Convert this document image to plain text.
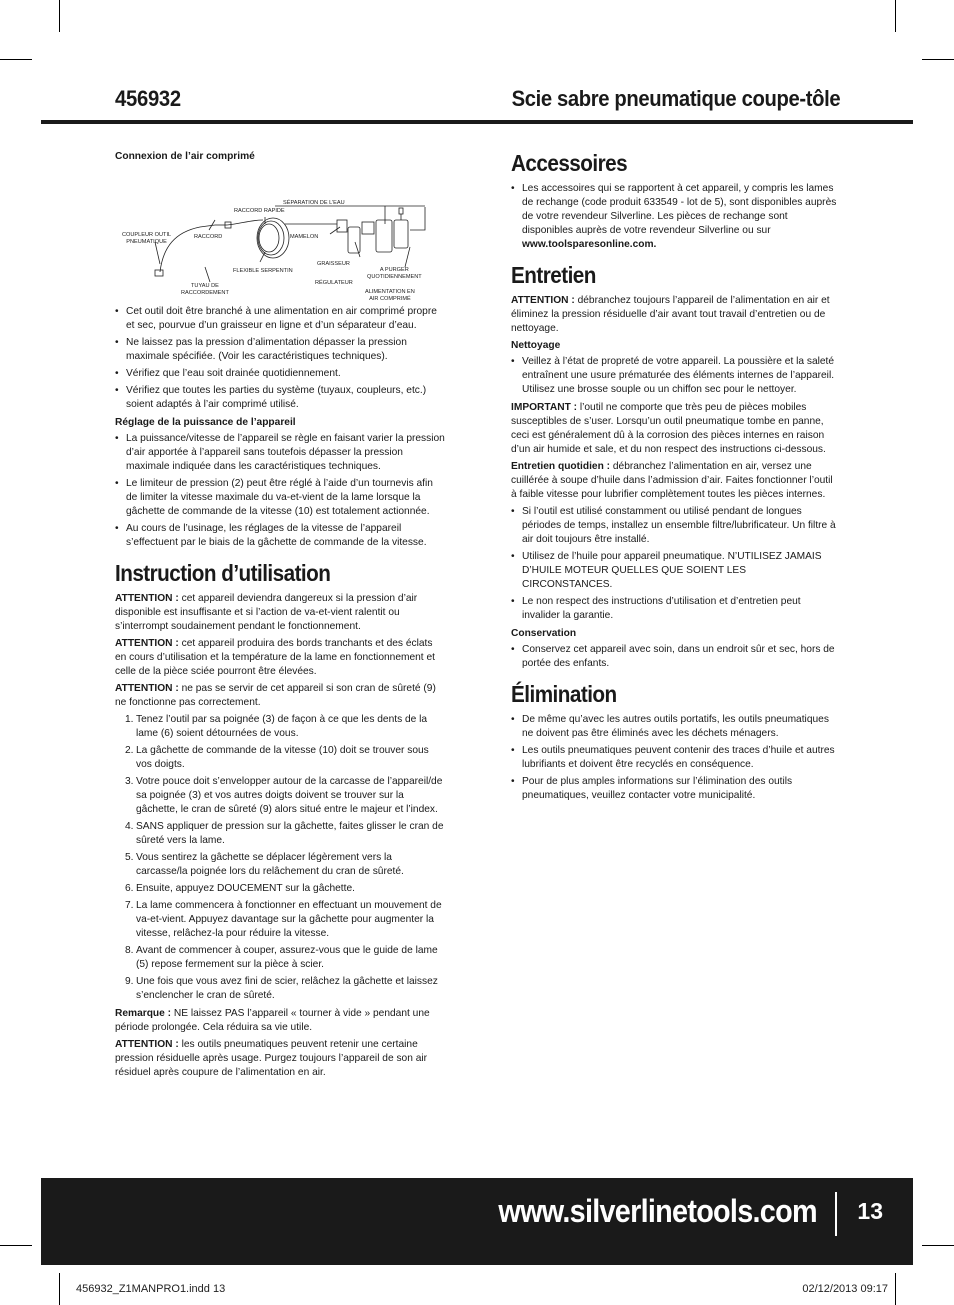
456932	Scie sabre pneumatique coupe-tôle
Connexion de l’air comprimé
SÉPARATION DE L’EAU
RACCORD RAPIDE
COUPLEUR OUTIL
PNEUMATIQUE
RACCORD	MAMELON
GRAISSEUR
FLEXIBLE SERPENTIN	A PURGER
QUOTIDIENNEMENT
RÉGULATEUR
TUYAU DE
RACCORDEMENT	ALIMENTATION EN
AIR COMPRIMÉ
• Cet outil doit être branché à une alimentation en air comprimé propre et sec, pourvue d’un graisseur en ligne et d’un séparateur d’eau.
• Ne laissez pas la pression d’alimentation dépasser la pression maximale spécifiée. (Voir les caractéristiques techniques).
• Vérifiez que l’eau soit drainée quotidiennement.
• Vérifiez que toutes les parties du système (tuyaux, coupleurs, etc.) soient adaptés à l’air comprimé utilisé.
Réglage de la puissance de l’appareil
• La puissance/vitesse de l’appareil se règle en faisant varier la pression d’air apportée à l’appareil sans toutefois dépasser la pression maximale indiquée dans les caractéristiques techniques.
• Le limiteur de pression (2) peut être réglé à l’aide d’un tournevis afin de limiter la vitesse maximale du va-et-vient de la lame lorsque la gâchette de commande de la vitesse (10) est totalement actionnée.
• Au cours de l’usinage, les réglages de la vitesse de l’appareil s’effectuent par le biais de la gâchette de commande de la vitesse.
Instruction d’utilisation

ATTENTION : cet appareil deviendra dangereux si la pression d’air disponible est insuffisante et si l’action de va-et-vient ralentit ou s’interrompt soudainement pendant le fonctionnement.

ATTENTION : cet appareil produira des bords tranchants et des éclats en cours d’utilisation et la température de la lame en fonctionnement et celle de la pièce sciée pourront être élevées.

ATTENTION : ne pas se servir de cet appareil si son cran de sûreté (9) ne fonctionne pas correctement.

1. Tenez l’outil par sa poignée (3) de façon à ce que les dents de la lame (6) soient détournées de vous.
2. La gâchette de commande de la vitesse (10) doit se trouver sous vos doigts.
3. Votre pouce doit s’envelopper autour de la carcasse de l’appareil/de sa poignée (3) et vos autres doigts doivent se trouver sur la gâchette, le cran de sûreté (9) alors situé entre le majeur et l’index.
4. SANS appliquer de pression sur la gâchette, faites glisser le cran de sûreté vers la lame.
5. Vous sentirez la gâchette se déplacer légèrement vers la carcasse/la poignée lors du relâchement du cran de sûreté.
6. Ensuite, appuyez DOUCEMENT sur la gâchette.
7. La lame commencera à fonctionner en effectuant un mouvement de va-et-vient. Appuyez davantage sur la gâchette pour augmenter la vitesse, relâchez-la pour réduire la vitesse.
8. Avant de commencer à couper, assurez-vous que le guide de lame (5) repose fermement sur la pièce à scier.
9. Une fois que vous avez fini de scier, relâchez la gâchette et laissez s’enclencher le cran de sûreté.

Remarque : NE laissez PAS l’appareil « tourner à vide » pendant une période prolongée. Cela réduira sa vie utile.

ATTENTION : les outils pneumatiques peuvent retenir une certaine pression résiduelle après usage. Purgez toujours l’appareil de son air résiduel après coupure de l’alimentation en air.

Accessoires
• Les accessoires qui se rapportent à cet appareil, y compris les lames de rechange (code produit 633549 - lot de 5), sont disponibles auprès de votre revendeur Silverline. Les pièces de rechange sont disponibles auprès de votre revendeur Silverline ou sur www.toolsparesonline.com.
Entretien

ATTENTION : débranchez toujours l’appareil de l’alimentation en air et éliminez la pression résiduelle d’air avant tout travail d’entretien ou de nettoyage.

Nettoyage
• Veillez à l’état de propreté de votre appareil. La poussière et la saleté entraînent une usure prématurée des éléments internes de l’appareil. Utilisez une brosse souple ou un chiffon sec pour le nettoyer.

IMPORTANT : l’outil ne comporte que très peu de pièces mobiles susceptibles de s’user. Lorsqu’un outil pneumatique tombe en panne, ceci est généralement dû à la corrosion des pièces internes en raison d’un air humide et sale, et du non respect des instructions ci-dessous.

Entretien quotidien : débranchez l’alimentation en air, versez une cuillérée à soupe d’huile dans l’admission d’air. Faites fonctionner l’outil à faible vitesse pour lubrifier complètement toutes les pièces internes.

• Si l’outil est utilisé constamment ou utilisé pendant de longues périodes de temps, installez un ensemble filtre/lubrificateur. Un filtre à air doit toujours être installé.
• Utilisez de l’huile pour appareil pneumatique. N’UTILISEZ JAMAIS D’HUILE MOTEUR QUELLES QUE SOIENT LES CIRCONSTANCES.
• Le non respect des instructions d’utilisation et d’entretien peut invalider la garantie.
Conservation
• Conservez cet appareil avec soin, dans un endroit sûr et sec, hors de portée des enfants.
Élimination
• De même qu’avec les autres outils portatifs, les outils pneumatiques ne doivent pas être éliminés avec les déchets ménagers.
• Les outils pneumatiques peuvent contenir des traces d’huile et autres lubrifiants et doivent être recyclés en conséquence.
• Pour de plus amples informations sur l’élimination des outils pneumatiques, veuillez contacter votre municipalité.
www.silverlinetools.com 13
456932_Z1MANPRO1.indd 13	02/12/2013 09:17
